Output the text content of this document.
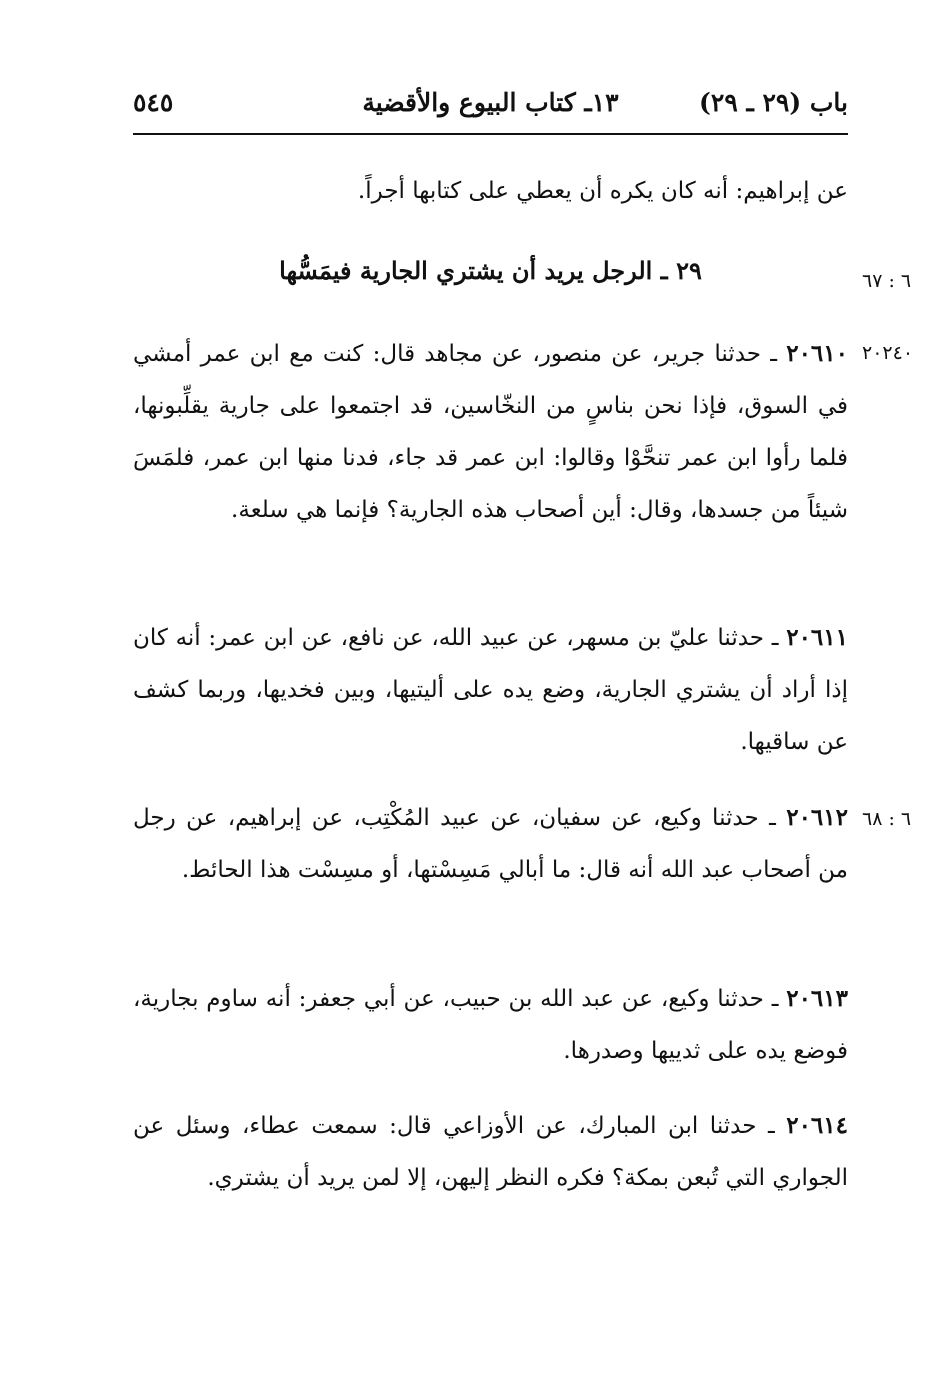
باب (٢٩ ـ ٢٩)
١٣ـ كتاب البيوع والأقضية
٥٤٥
عن إبراهيم: أنه كان يكره أن يعطي على كتابها أجراً.
٢٩ ـ الرجل يريد أن يشتري الجارية فيمَسُّها	٦ : ٦٧
٢٠٢٤٠
٢٠٦١٠ ـ حدثنا جرير، عن منصور، عن مجاهد قال: كنت مع ابن عمر أمشي في السوق، فإذا نحن بناسٍ من النخّاسين، قد اجتمعوا على جارية يقلِّبونها، فلما رأوا ابن عمر تنحَّوْا وقالوا: ابن عمر قد جاء، فدنا منها ابن عمر، فلمَسَ شيئاً من جسدها، وقال: أين أصحاب هذه الجارية؟ فإنما هي سلعة.
٢٠٦١١ ـ حدثنا عليّ بن مسهر، عن عبيد الله، عن نافع، عن ابن عمر: أنه كان إذا أراد أن يشتري الجارية، وضع يده على أليتيها، وبين فخديها، وربما كشف عن ساقيها.
٦ : ٦٨
٢٠٦١٢ ـ حدثنا وكيع، عن سفيان، عن عبيد المُكْتِب، عن إبراهيم، عن رجل من أصحاب عبد الله أنه قال: ما أبالي مَسِسْتها، أو مسِسْت هذا الحائط.
٢٠٦١٣ ـ حدثنا وكيع، عن عبد الله بن حبيب، عن أبي جعفر: أنه ساوم بجارية، فوضع يده على ثدييها وصدرها.
٢٠٦١٤ ـ حدثنا ابن المبارك، عن الأوزاعي قال: سمعت عطاء، وسئل عن الجواري التي تُبعن بمكة؟ فكره النظر إليهن، إلا لمن يريد أن يشتري.
